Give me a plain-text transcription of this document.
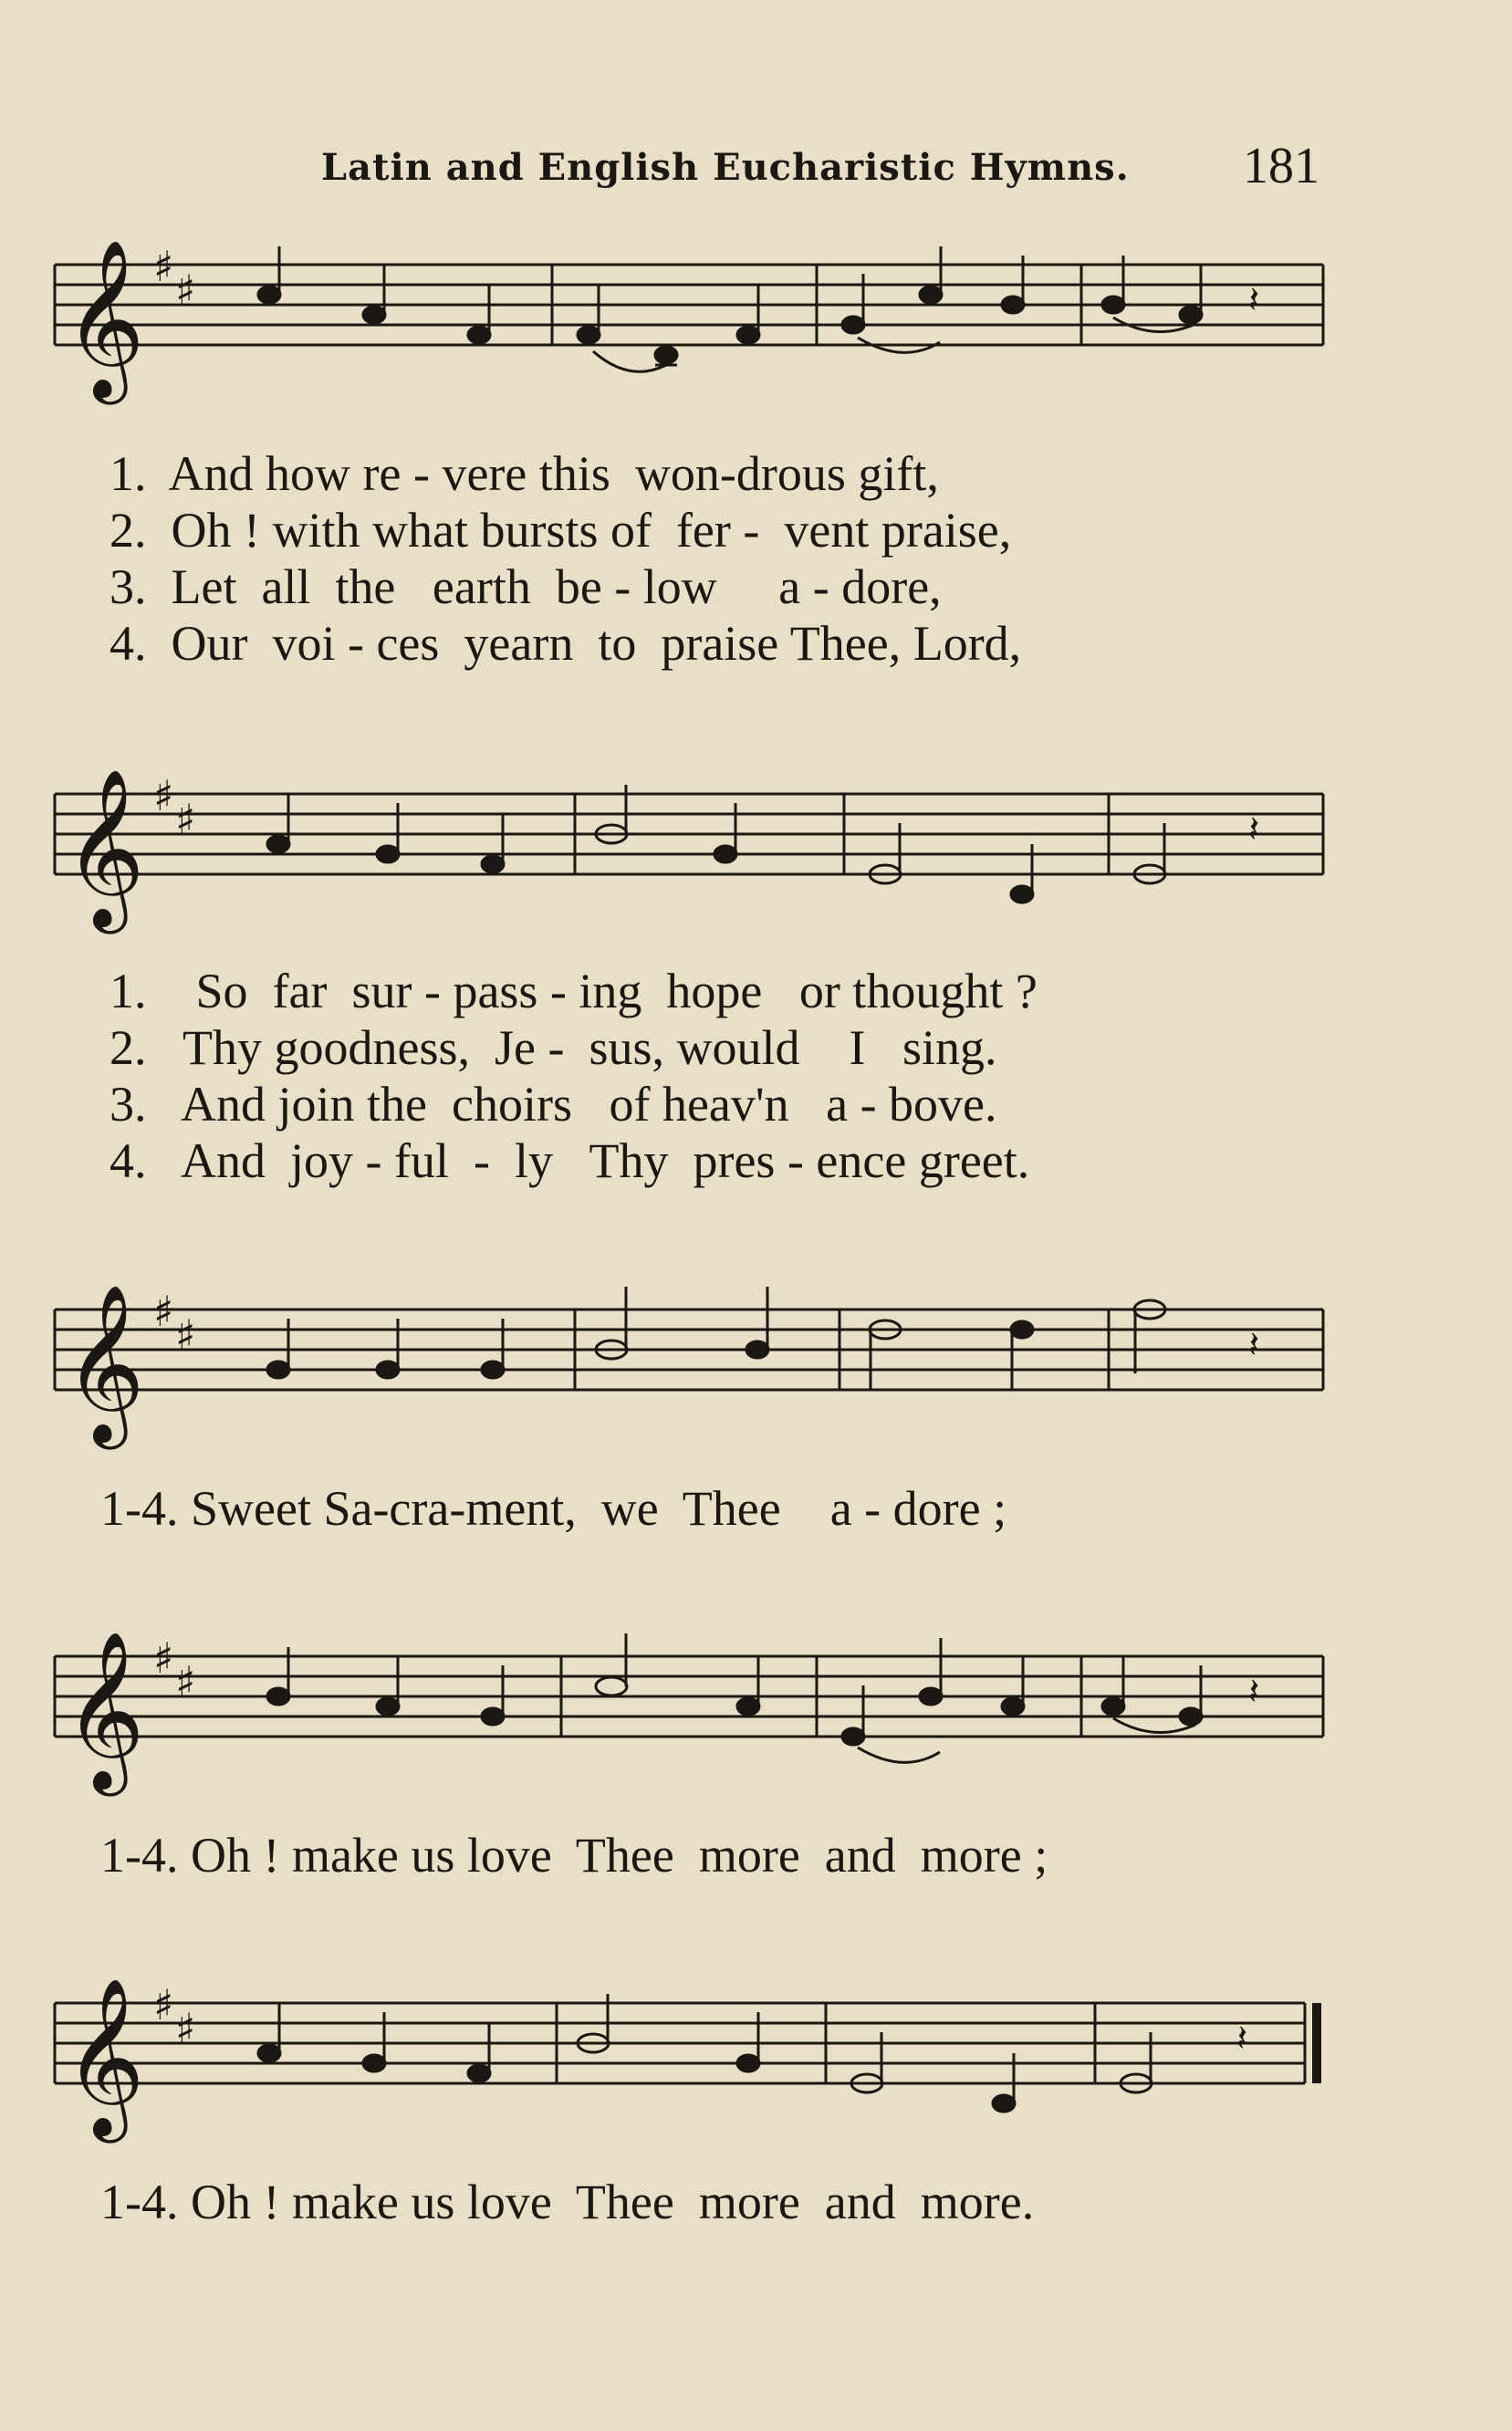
Latin and English Eucharistic Hymns. 181
𝄞 ♯ ♯	𝄽
1.  And how re - vere this  won-drous gift,
2.  Oh ! with what bursts of  fer -  vent praise,
3.  Let  all  the   earth  be - low     a - dore,
4.  Our  voi - ces  yearn  to  praise Thee, Lord,
𝄞 ♯ ♯	𝄽
1.    So  far  sur - pass - ing  hope   or thought ?
2.   Thy goodness,  Je -  sus, would    I   sing.
3.   And join the  choirs   of heav'n   a - bove.
4.   And  joy - ful  -  ly   Thy  pres - ence greet.
𝄞 ♯ ♯	𝄽
1-4. Sweet Sa-cra-ment,  we  Thee    a - dore ;
𝄞 ♯ ♯	𝄽
1-4. Oh ! make us love  Thee  more  and  more ;
𝄞 ♯ ♯	𝄽
1-4. Oh ! make us love  Thee  more  and  more.
